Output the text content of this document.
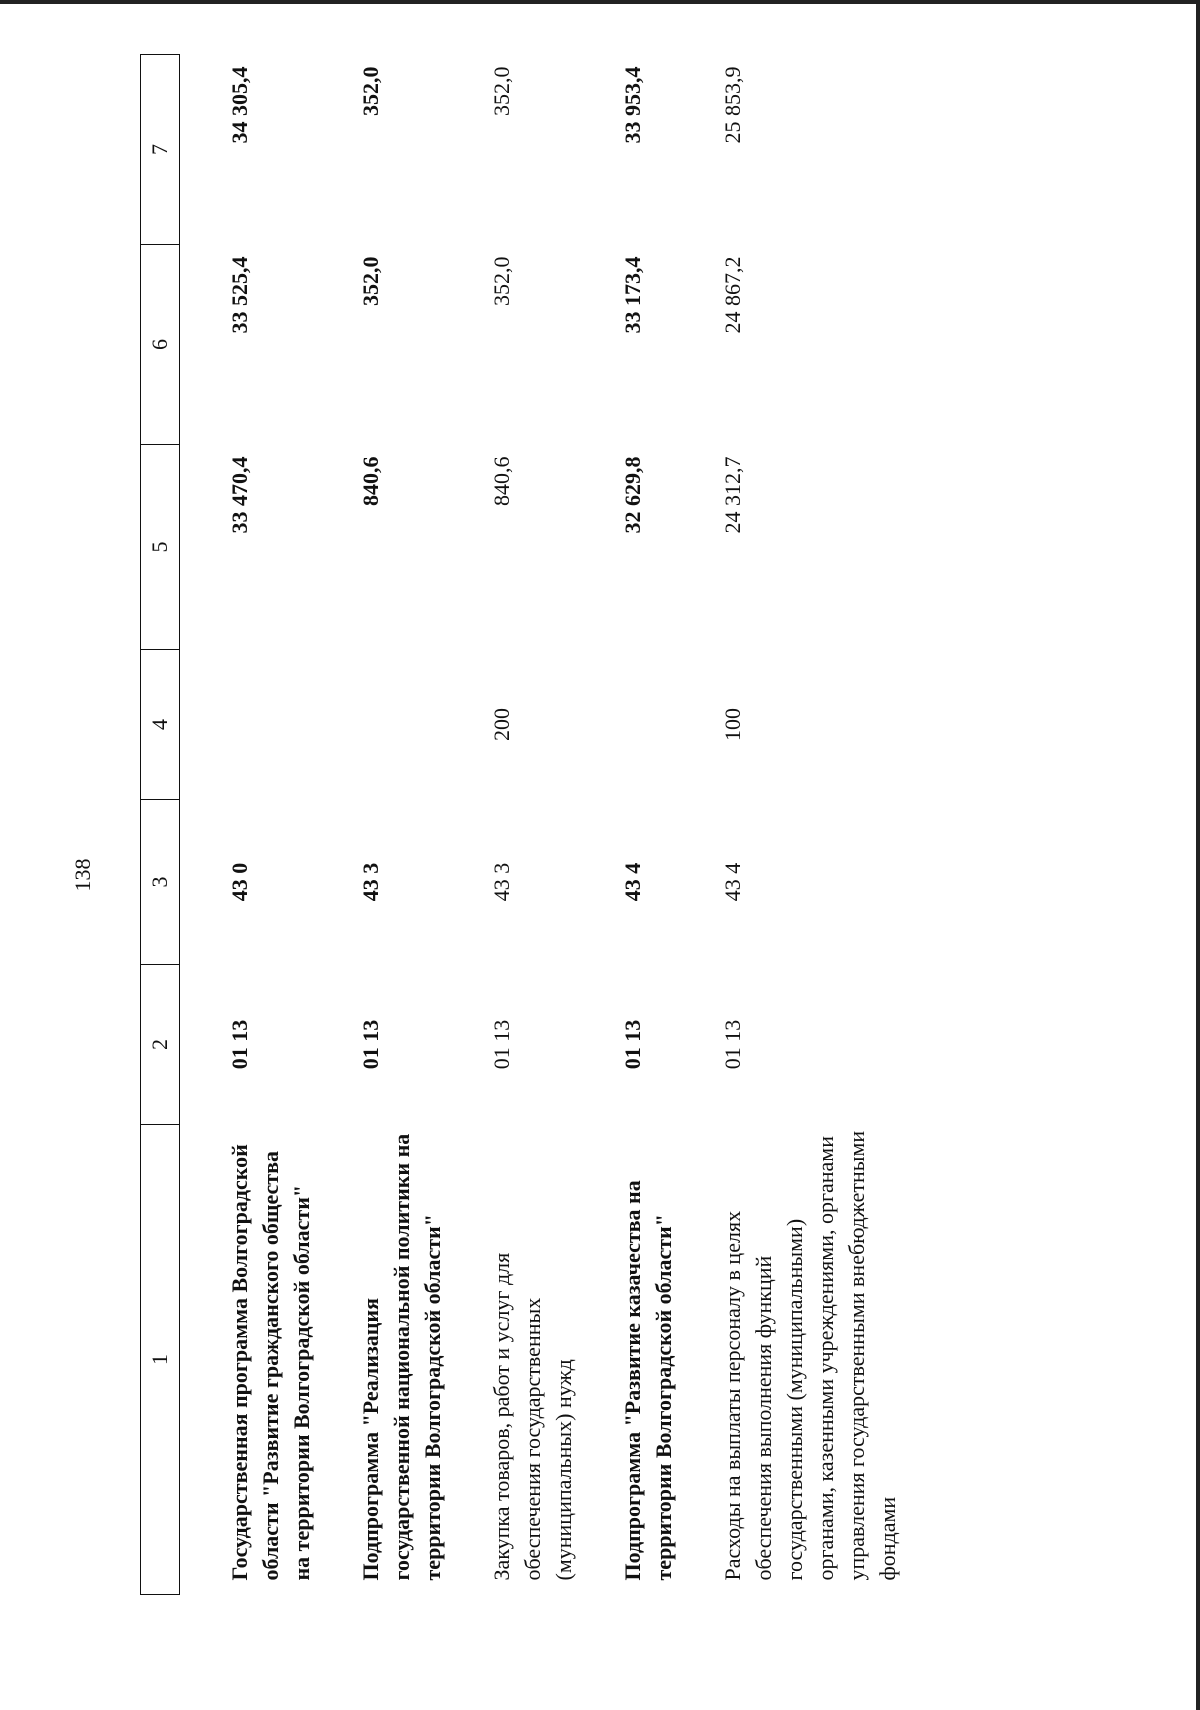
138
1	2	3	4	5	6	7
Государственная программа Волгоградской области "Развитие гражданского общества на территории Волгоградской области"	01 13	43 0		33 470,4	33 525,4	34 305,4
Подпрограмма "Реализация государственной национальной политики на территории Волгоградской области"	01 13	43 3		840,6	352,0	352,0
Закупка товаров, работ и услуг для обеспечения государственных (муниципальных) нужд	01 13	43 3	200	840,6	352,0	352,0
Подпрограмма "Развитие казачества на территории Волгоградской области"	01 13	43 4		32 629,8	33 173,4	33 953,4
Расходы на выплаты персоналу в целях обеспечения выполнения функций государственными (муниципальными) органами, казенными учреждениями, органами управления государственными внебюджетными фондами	01 13	43 4	100	24 312,7	24 867,2	25 853,9
